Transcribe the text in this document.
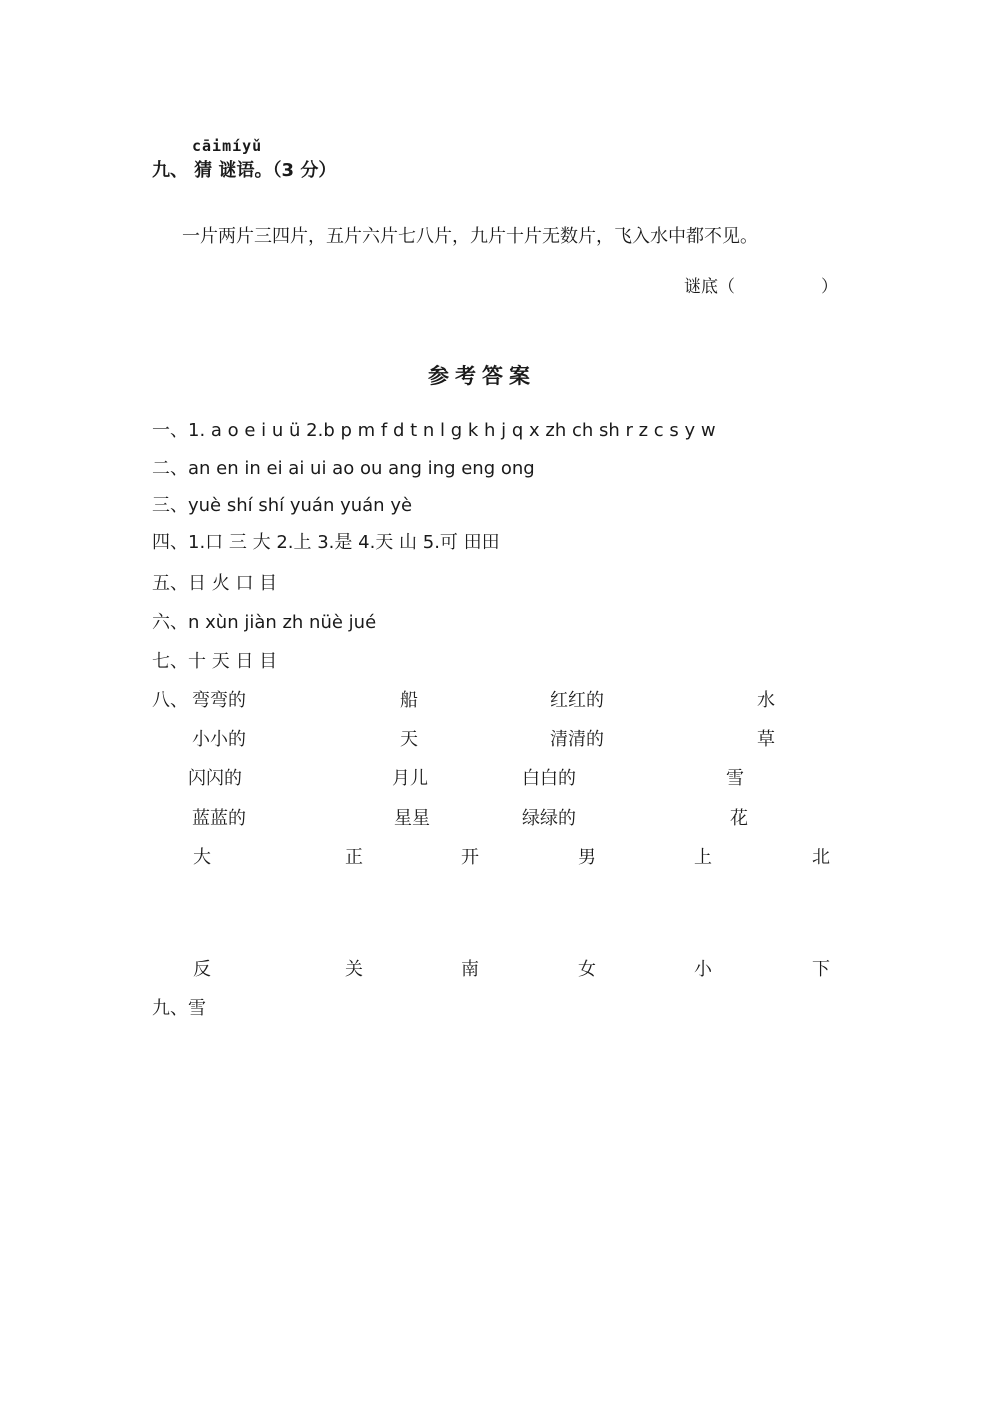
cāimíyǔ
九、 猜 谜语。（3 分）
一片两片三四片，五片六片七八片，九片十片无数片，飞入水中都不见。
谜底（	）
参考答案
一、1. a o e i u ü 2.b p m f d t n l g k h j q x zh ch sh r z c s y w
二、an en in ei ai ui ao ou ang ing eng ong
三、yuè shí shí yuán yuán yè
四、1.口 三 大 2.上 3.是 4.天 山 5.可 田田
五、日 火 口 目
六、n xùn jiàn zh nüè jué
七、十 天 日 目
八、 弯弯的	船	红红的	水
小小的	天	清清的	草
闪闪的	月儿	白白的	雪
蓝蓝的	星星	绿绿的	花
大	正	开	男	上	北
反	关	南	女	小	下
九、雪
